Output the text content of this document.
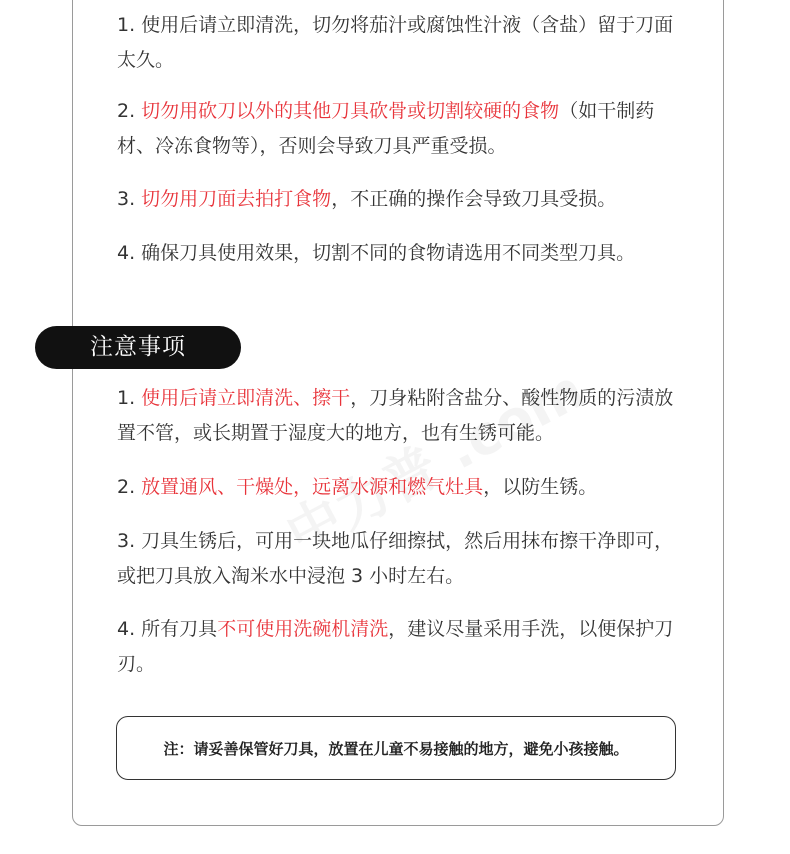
1. 使用后请立即清洗，切勿将茄汁或腐蚀性汁液（含盐）留于刀面太久。

2. 切勿用砍刀以外的其他刀具砍骨或切割较硬的食物（如干制药材、冷冻食物等），否则会导致刀具严重受损。

3. 切勿用刀面去拍打食物，不正确的操作会导致刀具受损。

4. 确保刀具使用效果，切割不同的食物请选用不同类型刀具。

注意事项

1. 使用后请立即清洗、擦干，刀身粘附含盐分、酸性物质的污渍放置不管，或长期置于湿度大的地方，也有生锈可能。

2. 放置通风、干燥处，远离水源和燃气灶具，以防生锈。

3. 刀具生锈后，可用一块地瓜仔细擦拭，然后用抹布擦干净即可，或把刀具放入淘米水中浸泡 3 小时左右。

4. 所有刀具不可使用洗碗机清洗，建议尽量采用手洗，以便保护刀刃。

注：请妥善保管好刀具，放置在儿童不易接触的地方，避免小孩接触。
